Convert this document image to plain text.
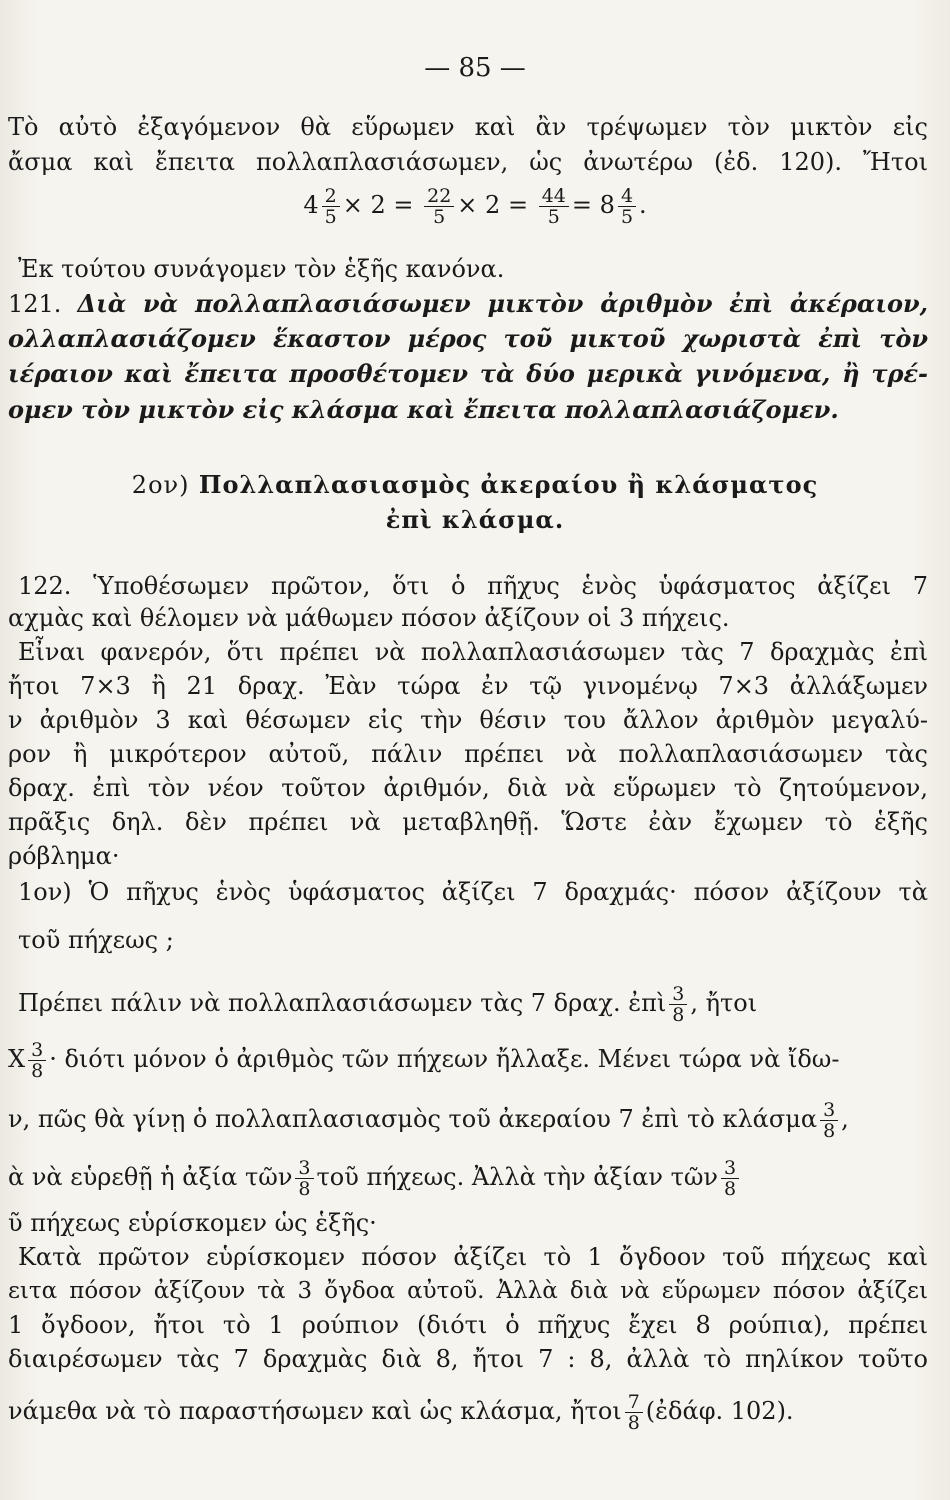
— 85 —
Τὸ αὐτὸ ἐξαγόμενον θὰ εὕρωμεν καὶ ἂν τρέψωμεν τὸν μικτὸν εἰς
ἄσμα καὶ ἔπειτα πολλαπλασιάσωμεν, ὡς ἀνωτέρω (ἐδ. 120). Ἤτοι
$4 \frac{2}{5} \times 2 = \frac{22}{5} \times 2 = \frac{44}{5} = 8 \frac{4}{5}$ .
Ἐκ τούτου συνάγομεν τὸν ἑξῆς κανόνα.
121. Διὰ νὰ πολλαπλασιάσωμεν μικτὸν ἀριθμὸν ἐπὶ ἀκέραιον,
ολλαπλασιάζομεν ἕκαστον μέρος τοῦ μικτοῦ χωριστὰ ἐπὶ τὸν
ιέραιον καὶ ἔπειτα προσθέτομεν τὰ δύο μερικὰ γινόμενα, ἢ τρέ-
ομεν τὸν μικτὸν εἰς κλάσμα καὶ ἔπειτα πολλαπλασιάζομεν.
2ον) Πολλαπλασιασμὸς ἀκεραίου ἢ κλάσματος
ἐπὶ κλάσμα.
122. Ὑποθέσωμεν πρῶτον, ὅτι ὁ πῆχυς ἑνὸς ὑφάσματος ἀξίζει 7
αχμὰς καὶ θέλομεν νὰ μάθωμεν πόσον ἀξίζουν οἱ 3 πήχεις.
Εἶναι φανερόν, ὅτι πρέπει νὰ πολλαπλασιάσωμεν τὰς 7 δραχμὰς ἐπὶ
ἤτοι 7×3 ἢ 21 δραχ. Ἐὰν τώρα ἐν τῷ γινομένῳ 7×3 ἀλλάξωμεν
ν ἀριθμὸν 3 καὶ θέσωμεν εἰς τὴν θέσιν του ἄλλον ἀριθμὸν μεγαλύ-
ρον ἢ μικρότερον αὐτοῦ, πάλιν πρέπει νὰ πολλαπλασιάσωμεν τὰς
δραχ. ἐπὶ τὸν νέον τοῦτον ἀριθμόν, διὰ νὰ εὕρωμεν τὸ ζητούμενον,
πρᾶξις δηλ. δὲν πρέπει νὰ μεταβληθῇ. Ὥστε ἐὰν ἔχωμεν τὸ ἑξῆς
ρόβλημα·
1ον) Ὁ πῆχυς ἑνὸς ὑφάσματος ἀξίζει 7 δραχμάς· πόσον ἀξίζουν τὰ
τοῦ πήχεως ;
Πρέπει πάλιν νὰ πολλαπλασιάσωμεν τὰς 7 δραχ. ἐπὶ $\frac{3}{8}$ , ἤτοι
Χ $\frac{3}{8} \cdot \delta\iota ό\tau\iota$ μόνον ὁ ἀριθμὸς τῶν πήχεων ἤλλαξε. Μένει τώρα νὰ ἴδω-
ν, πῶς θὰ γίνῃ ὁ πολλαπλασιασμὸς τοῦ ἀκεραίου 7 ἐπὶ τὸ κλάσμα $\frac{3}{8}$ ,
ὰ νὰ εὑρεθῇ ἡ ἀξία τῶν $\frac{3}{8}$ τοῦ πήχεως. Ἀλλὰ τὴν ἀξίαν τῶν $\frac{3}{8}$
ῦ πήχεως εὑρίσκομεν ὡς ἑξῆς·
Κατὰ πρῶτον εὑρίσκομεν πόσον ἀξίζει τὸ 1 ὄγδοον τοῦ πήχεως καὶ
ειτα πόσον ἀξίζουν τὰ 3 ὄγδοα αὐτοῦ. Ἀλλὰ διὰ νὰ εὕρωμεν πόσον ἀξίζει
1 ὄγδοον, ἤτοι τὸ 1 ρούπιον (διότι ὁ πῆχυς ἔχει 8 ρούπια), πρέπει
διαιρέσωμεν τὰς 7 δραχμὰς διὰ 8, ἤτοι 7 : 8, ἀλλὰ τὸ πηλίκον τοῦτο
νάμεθα νὰ τὸ παραστήσωμεν καὶ ὡς κλάσμα, ἤτοι $\frac{7}{8}$ (ἐδάφ. 102).
